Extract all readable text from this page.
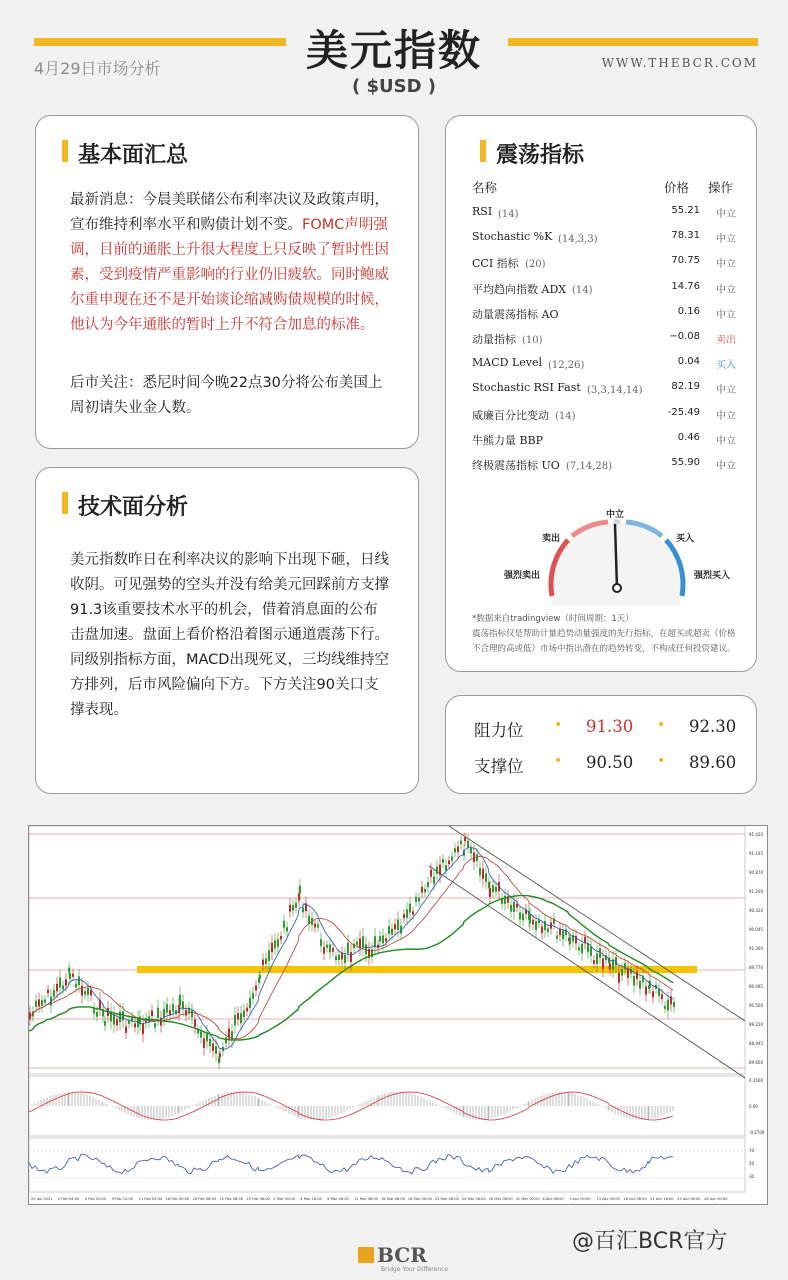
美元指数
( $USD )
4月29日市场分析	WWW.THEBCR.COM
基本面汇总
最新消息：今晨美联储公布利率决议及政策声明，宣布维持利率水平和购债计划不变。FOMC声明强调，目前的通胀上升很大程度上只反映了暂时性因素，受到疫情严重影响的行业仍旧疲软。同时鲍威尔重申现在还不是开始谈论缩减购债规模的时候，他认为今年通胀的暂时上升不符合加息的标准。
后市关注：悉尼时间今晚22点30分将公布美国上周初请失业金人数。
技术面分析
美元指数昨日在利率决议的影响下出现下砸，日线收阴。可见强势的空头并没有给美元回踩前方支撑91.3该重要技术水平的机会，借着消息面的公布击盘加速。盘面上看价格沿着图示通道震荡下行。同级别指标方面，MACD出现死叉，三均线维持空方排列，后市风险偏向下方。下方关注90关口支撑表现。
震荡指标
名称	价格 操作
RSI (14)	55.21	中立
Stochastic %K (14,3,3)	78.31	中立
CCI 指标 (20)	70.75	中立
平均趋向指数 ADX (14)	14.76	中立
动量震荡指标 AO	0.16	中立
动量指标 (10)	−0.08	卖出
MACD Level (12,26)	0.04	买入
Stochastic RSI Fast (3,3,14,14)	82.19	中立
威廉百分比变动 (14)	-25.49	中立
牛熊力量 BBP	0.46	中立
终极震荡指标 UO (7,14,28)	55.90	中立
强烈卖出
卖出
中立
买入
强烈买入
*数据来自tradingview（时间周期：1天）
震荡指标仅是帮助计量趋势动量强度的先行指标，在超买或超卖（价格不合理的高或低）市场中指出潜在的趋势转变，不构成任何投资建议。
阻力位 • 91.30 • 92.30
支撑位 • 90.50 • 89.60
91.420
91.145
90.870
91.200
90.320
90.045
91.300
89.770
89.495
90.500
89.220
88.945
89.600
0.1566
0.00
-0.2709
70
50
30
29 Jan 2021 2 Feb 04:00 4 Feb 20:00 9 Feb 12:00 11 Feb 04:00 16 Feb 00:00 18 Feb 08:00 22 Feb 08:00 25 Feb 08:00 2 Mar 00:00 4 Mar 16:00 9 Mar 08:00 11 Mar 08:00 16 Mar 08:00 18 Mar 00:00 23 Mar 08:00 24 Mar 08:00 26 Mar 08:00 31 Mar 00:00 6 Apr 08:00 9 Apr 00:00 13 Apr 00:00 16 Apr 08:00 21 Apr 16:00 23 Apr 08:00 28 Apr 00:00
BCR
Bridge Your Difference
@百汇BCR官方
